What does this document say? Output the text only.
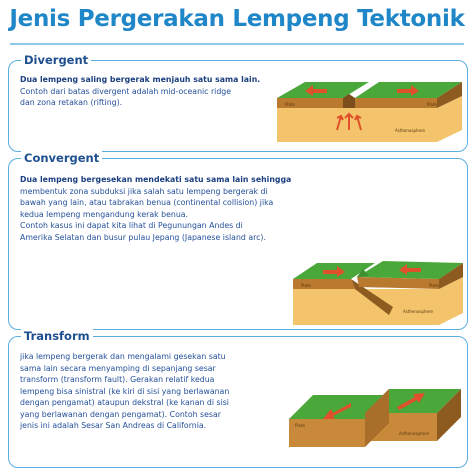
Jenis Pergerakan Lempeng Tektonik
Divergent
Dua lempeng saling bergerak menjauh satu sama lain.
Contoh dari batas divergent adalah mid-oceanic ridge
dan zona retakan (rifting).	Plate	Plate
Asthenosphere
Convergent
Dua lempeng bergesekan mendekati satu sama lain sehingga
membentuk zona subduksi jika salah satu lempeng bergerak di
bawah yang lain, atau tabrakan benua (continental collision) jika
kedua lempeng mengandung kerak benua.
Contoh kasus ini dapat kita lihat di Pegunungan Andes di
Amerika Selatan dan busur pulau Jepang (Japanese island arc).
Plate	Plate
Asthenosphere
Transform
jika lempeng bergerak dan mengalami gesekan satu
sama lain secara menyamping di sepanjang sesar
transform (transform fault). Gerakan relatif kedua
lempeng bisa sinistral (ke kiri di sisi yang berlawanan
dengan pengamat) ataupun dekstral (ke kanan di sisi
yang berlawanan dengan pengamat). Contoh sesar
jenis ini adalah Sesar San Andreas di California.	Plate
Asthenosphere
